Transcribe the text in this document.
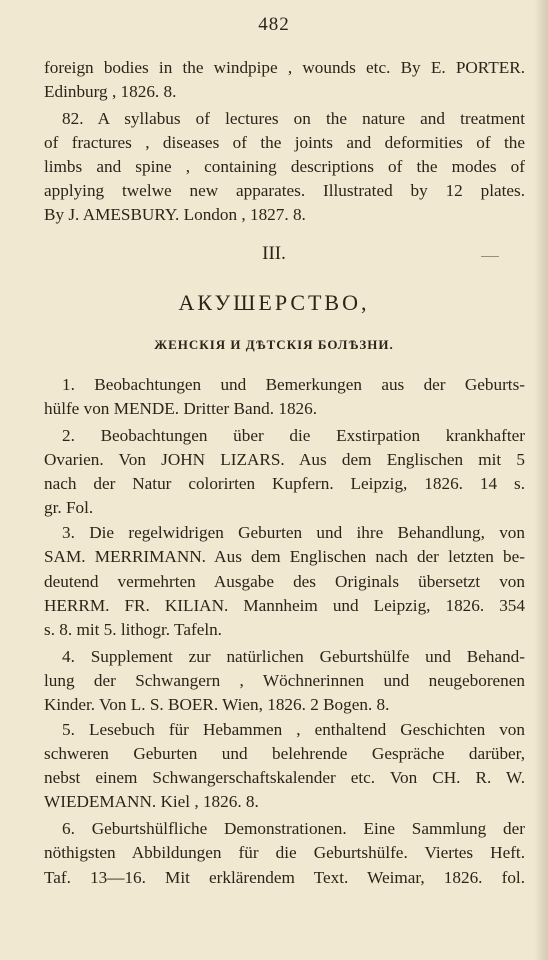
482
foreign bodies in the windpipe , wounds etc. By E. PORTER.
Edinburg , 1826. 8.
82. A syllabus of lectures on the nature and treatment
of fractures , diseases of the joints and deformities of the
limbs and spine , containing descriptions of the modes of
applying twelwe new apparates. Illustrated by 12 plates.
By J. AMESBURY. London , 1827. 8.
III.
АКУШЕРСТВО,
ЖЕНСКІЯ И ДѢТСКІЯ БОЛѢЗНИ.
1. Beobachtungen und Bemerkungen aus der Geburts-
hülfe von MENDE. Dritter Band. 1826.
2. Beobachtungen über die Exstirpation krankhafter
Ovarien. Von JOHN LIZARS. Aus dem Englischen mit 5
nach der Natur colorirten Kupfern. Leipzig, 1826. 14 s.
gr. Fol.
3. Die regelwidrigen Geburten und ihre Behandlung, von
SAM. MERRIMANN. Aus dem Englischen nach der letzten be-
deutend vermehrten Ausgabe des Originals übersetzt von
HERRM. FR. KILIAN. Mannheim und Leipzig, 1826. 354
s. 8. mit 5. lithogr. Tafeln.
4. Supplement zur natürlichen Geburtshülfe und Behand-
lung der Schwangern , Wöchnerinnen und neugeborenen
Kinder. Von L. S. BOER. Wien, 1826. 2 Bogen. 8.
5. Lesebuch für Hebammen , enthaltend Geschichten von
schweren Geburten und belehrende Gespräche darüber,
nebst einem Schwangerschaftskalender etc. Von CH. R. W.
WIEDEMANN. Kiel , 1826. 8.
6. Geburtshülfliche Demonstrationen. Eine Sammlung der
nöthigsten Abbildungen für die Geburtshülfe. Viertes Heft.
Taf. 13—16. Mit erklärendem Text. Weimar, 1826. fol.
